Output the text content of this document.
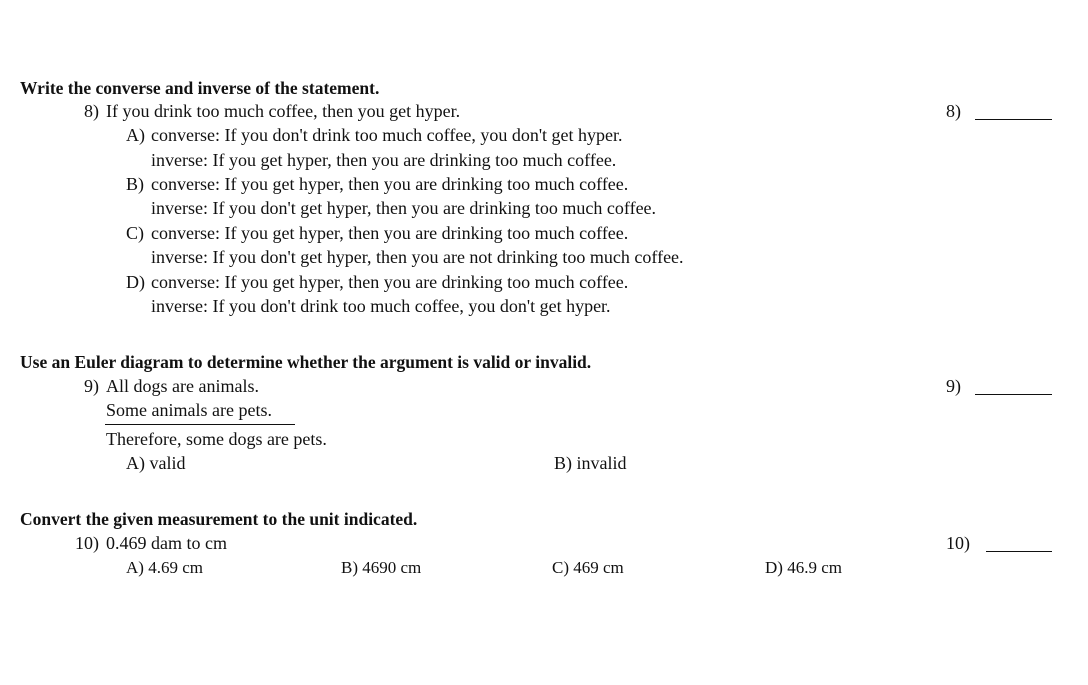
Write the converse and inverse of the statement.
8) If you drink too much coffee, then you get hyper.	8)
A) converse: If you don't drink too much coffee, you don't get hyper.
inverse: If you get hyper, then you are drinking too much coffee.
B) converse: If you get hyper, then you are drinking too much coffee.
inverse: If you don't get hyper, then you are drinking too much coffee.
C) converse: If you get hyper, then you are drinking too much coffee.
inverse: If you don't get hyper, then you are not drinking too much coffee.
D) converse: If you get hyper, then you are drinking too much coffee.
inverse: If you don't drink too much coffee, you don't get hyper.
Use an Euler diagram to determine whether the argument is valid or invalid.
9) All dogs are animals.	9)
Some animals are pets.
Therefore, some dogs are pets.
A) valid	B) invalid
Convert the given measurement to the unit indicated.
10) 0.469 dam to cm	10)
A) 4.69 cm	B) 4690 cm	C) 469 cm	D) 46.9 cm
